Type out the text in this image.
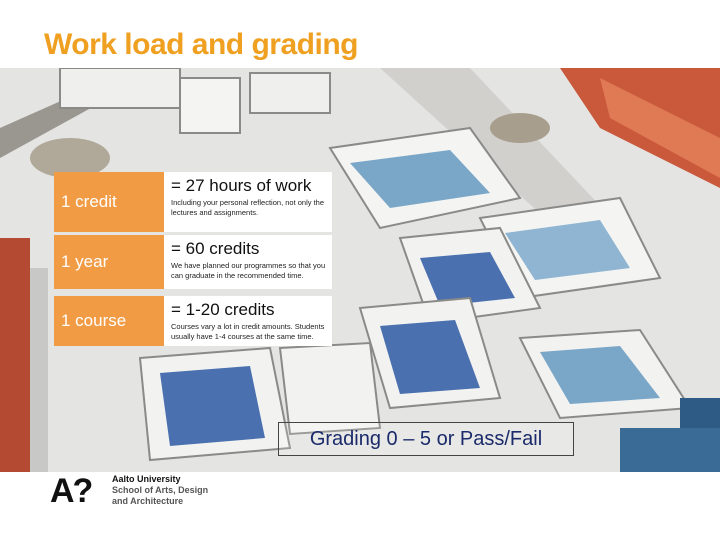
Work load and grading
1 credit
= 27 hours of work
Including your personal reflection, not only the lectures and assignments.
1 year
= 60 credits
We have planned our programmes so that you can graduate in the recommended time.
1 course
= 1-20 credits
Courses vary a lot in credit amounts. Students usually have 1-4 courses at the same time.
Grading 0 – 5 or Pass/Fail
A? Aalto University
School of Arts, Design
and Architecture
